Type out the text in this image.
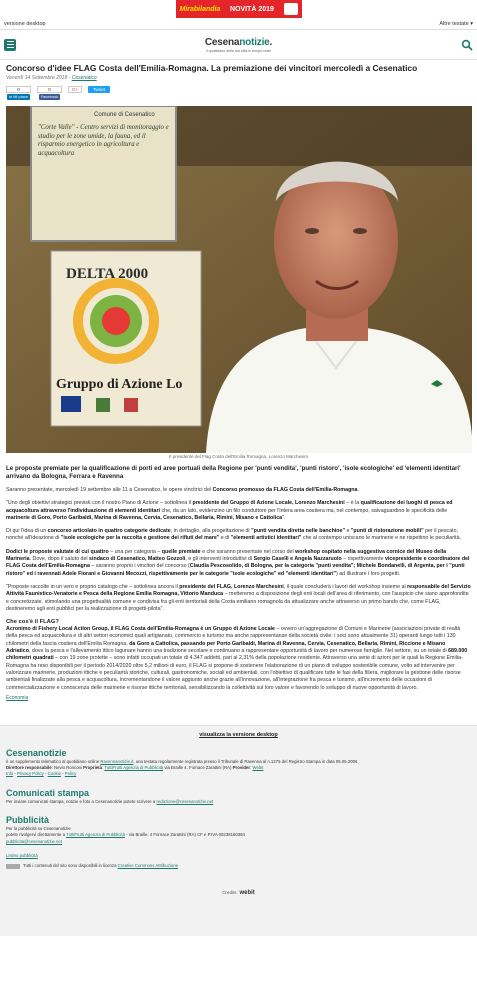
Mirabilandia NOVITÀ 2019
versione desktop	Altre testate ▾
Cesenanotizie.
Il quotidiano della tua città in tempo reale
Concorso d'idee FLAG Costa dell'Emilia-Romagna. La premiazione dei vincitori mercoledì a Cesenatico
Venerdì 14 Settembre 2018 - Cesenatico
0
in Mi piace
0
Facebook
G+	Tweet
Comune di Cesenatico
DELTA 2000
Gruppo di Azione Lo
"Corte Valle" - Centro servizi di monitoraggio e studio per le zone umide, la fauna, ed il risparmio energetico in agricoltura e acquacoltura
Il presidente del Flag Costa dell'Emilia Romagna, Lorenzo Marchesini
Le proposte premiate per la qualificazione di porti ed aree portuali della Regione per 'punti vendita', 'punti ristoro', 'isole ecologiche' ed 'elementi identitari' arrivano da Bologna, Ferrara e Ravenna

Saranno presentate, mercoledì 19 settembre alle 11 a Cesenatico, le opere vincitrici del Concorso promosso da FLAG Costa dell'Emilia-Romagna.

"Uno degli obiettivi strategici previsti con il nostro Piano di Azione – sottolinea il presidente del Gruppo di Azione Locale, Lorenzo Marchesini – è la qualificazione dei luoghi di pesca ed acquacoltura attraverso l'individuazione di elementi identitari che, da un lato, evidenzino un filo conduttore per l'intera area costiera ma, nel contempo, salvaguardino le specificità delle marinerie di Goro, Porto Garibaldi, Marina di Ravenna, Cervia, Cesenatico, Bellaria, Rimini, Misano e Cattolica".

Di qui l'idea di un concorso articolato in quattro categorie dedicate, in dettaglio, alla progettazione di "punti vendita diretta nelle banchine" e "punti di ristorazione mobili" per il pescato, nonché all'ideazione di "isole ecologiche per la raccolta e gestione dei rifiuti del mare" e di "elementi artistici identitari" che al contempo uniscano le marinerie e ne rispettino le peculiarità.

Dodici le proposte valutate di cui quattro – una per categoria – quelle premiate e che saranno presentate nel corso del workshop ospitato nella suggestiva cornice del Museo della Marineria. Dove, dopo il saluto del sindaco di Cesenatico, Matteo Gozzoli, e gli interventi introduttivi di Sergio Caselli e Angela Nazzaruolo – rispettivamente vicepresidente e coordinatore del FLAG Costa dell'Emilia-Romagna – saranno proprio i vincitori del concorso (Claudia Pescosolido, di Bologna, per la categoria "punti vendita"; Michele Bondanelli, di Argenta, per i "punti ristoro" ed i ravennati Adele Fiorani e Giovanni Mecozzi, rispettivamente per le categorie "isole ecologiche" ed "elementi identitari") ad illustrare i loro progetti.

"Proposte raccolte in un vero e proprio catalogo che – sottolinea ancora il presidente del FLAG, Lorenzo Marchesini, il quale concluderà i lavori del workshop insieme al responsabile del Servizio Attività Faunistico-Venatorie e Pesca della Regione Emilia Romagna, Vittorio Manduca – metteremo a disposizione degli enti locali dell'area di riferimento, con l'auspicio che siano approfondite e concretizzate, stimolando una progettualità comune e condivisa fra gli enti territoriali della Costa emiliano romagnola da attualizzare anche attraverso un primo bando che, come FLAG, destineremo agli enti pubblici per la realizzazione di progetti-pilota".

Che cos'è il FLAG?

Acronimo di Fishery Local Action Group, il FLAG Costa dell'Emilia-Romagna è un Gruppo di Azione Locale – ovvero un'aggregazione di Comuni e Marinerie (associazioni private di realtà della pesca ed acquacoltura e di altri settori economici quali artigianato, commercio e turismo ma anche rappresentanze della società civile: i soci sono attualmente 31) operanti lungo tutti i 130 chilometri della fascia costiera dell'Emilia Romagna, da Goro a Cattolica, passando per Porto Garibaldi, Marina di Ravenna, Cervia, Cesenatico, Bellaria, Rimini, Riccione e Misano Adriatico, dove la pesca e l'allevamento ittico lagunare hanno una tradizione secolare e continuano a rappresentare opportunità di lavoro per numerose famiglie. Nel settore, su un totale di 689.000 chilometri quadrati – con 19 zone protette – sono infatti occupati un totale di 4.347 addetti, pari al 2,31% della popolazione residente. Attraverso una serie di azioni per le quali la Regione Emilia-Romagna ha reso disponibili per il periodo 2014/2020 oltre 5,2 milioni di euro, il FLAG si propone di sostenere l'elaborazione di un piano di sviluppo sostenibile comune, volto ad intervenire per valorizzare marinerie, produzioni ittiche e peculiarità storiche, culturali, gastronomiche, sociali ed ambientali, con l'obiettivo di qualificare tutte le fasi della filiera, migliorare la gestione delle risorse ambientali finalizzate alla pesca e acquacoltura, incrementandone il valore aggiunto anche grazie all'innovazione, all'integrazione fra pesca e turismo, all'incremento delle occasioni di commercializzazione e conoscenza delle marinerie e risorse ittiche territoriali, sensibilizzando la collettività sul loro valore e favorendo lo sviluppo di nuove opportunità di lavoro.

Economia
visualizza la versione desktop
Cesenanotizie
è un supplemento telematico al quotidiano online Ravennanotizie.it, una testata regolarmente registrata presso il Tribunale di Ravenna al n.1275 del Registro Stampa in data 05.05.2006
Direttore responsabile: Nevio Ronconi Proprietà: TuttiFrutti Agenzia di Pubblicità via Braille 4, Fornace Zarattini (RA) Provider: Webit
Info - Privacy Policy - Cookie - Policy
Comunicati stampa
Per inviare comunicati stampa, notizie e foto a Cesenanotizie potete scrivere a redazione@cesenanotizie.net
Pubblicità
Per la pubblicità su Cesenanotizie
potete rivolgervi direttamente a TuttiFrutti Agenzia di Pubblicità - via Braille, 4 Fornace Zarattini (RA) CF e P.IVA 00238160394
pubblicita@cesenanotizie.net
Listino pubblicità
Tutti i contenuti del sito sono disponibili in licenza Creative Commons Attribuzione
Credits webit
